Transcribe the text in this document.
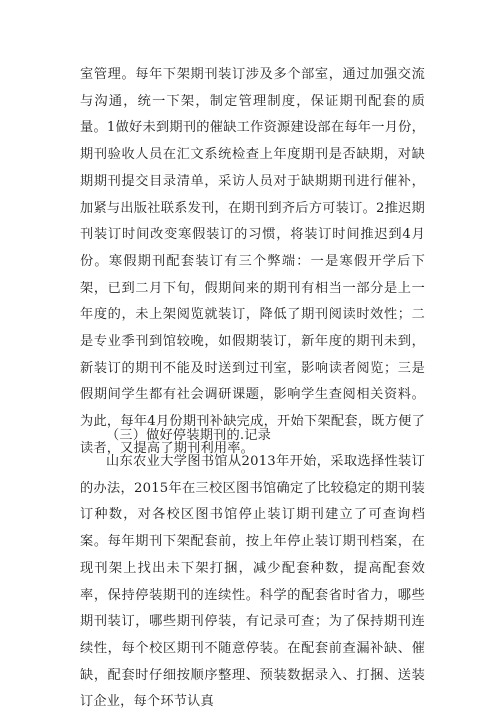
室管理。每年下架期刊装订涉及多个部室，通过加强交流与沟通，统一下架，制定管理制度，保证期刊配套的质量。1做好未到期刊的催缺工作资源建设部在每年一月份，期刊验收人员在汇文系统检查上年度期刊是否缺期，对缺期期刊提交目录清单，采访人员对于缺期期刊进行催补，加紧与出版社联系发刊，在期刊到齐后方可装订。2推迟期刊装订时间改变寒假装订的习惯，将装订时间推迟到4月份。寒假期刊配套装订有三个弊端：一是寒假开学后下架，已到二月下旬，假期间来的期刊有相当一部分是上一年度的，未上架阅览就装订，降低了期刊阅读时效性；二是专业季刊到馆较晚，如假期装订，新年度的期刊未到，新装订的期刊不能及时送到过刊室，影响读者阅览；三是假期间学生都有社会调研课题，影响学生查阅相关资料。为此，每年4月份期刊补缺完成，开始下架配套，既方便了读者，又提高了期刊利用率。

（三）做好停装期刊的.记录

山东农业大学图书馆从2013年开始，采取选择性装订的办法，2015年在三校区图书馆确定了比较稳定的期刊装订种数，对各校区图书馆停止装订期刊建立了可查询档案。每年期刊下架配套前，按上年停止装订期刊档案，在现刊架上找出未下架打捆，减少配套种数，提高配套效率，保持停装期刊的连续性。科学的配套省时省力，哪些期刊装订，哪些期刊停装，有记录可查；为了保持期刊连续性，每个校区期刊不随意停装。在配套前查漏补缺、催缺，配套时仔细按顺序整理、预装数据录入、打捆、送装订企业，每个环节认真
